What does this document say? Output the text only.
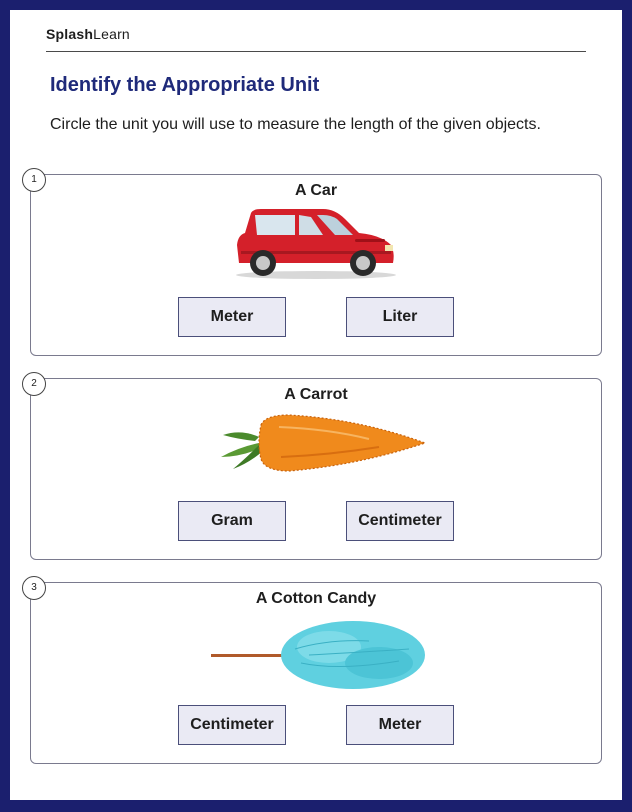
SplashLearn
Identify the Appropriate Unit
Circle the unit you will use to measure the length of the given objects.
1
A Car
Meter	Liter
2
A Carrot
Gram	Centimeter
3
A Cotton Candy
Centimeter	Meter
